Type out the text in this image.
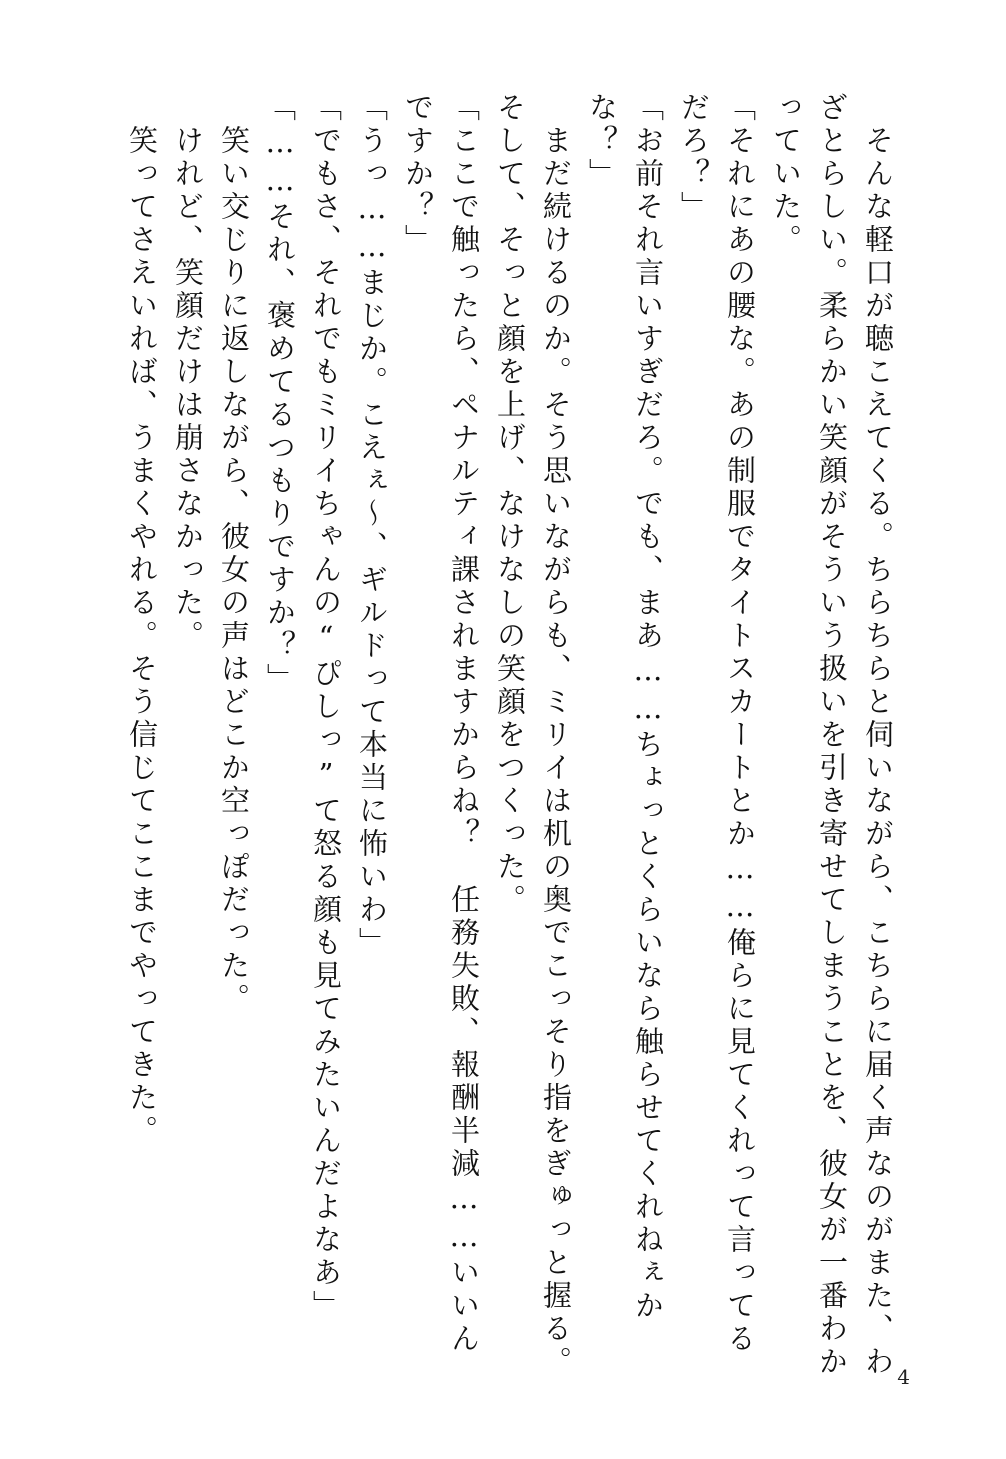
　そんな軽口が聴こえてくる。ちらちらと伺いながら、こちらに届く声なのがまた、わざとらしい。柔らかい笑顔がそういう扱いを引き寄せてしまうことを、彼女が一番わかっていた。

「それにあの腰な。あの制服でタイトスカートとか……俺らに見てくれって言ってるだろ？」

「お前それ言いすぎだろ。でも、まあ……ちょっとくらいなら触らせてくれねぇかな？」

　まだ続けるのか。そう思いながらも、ミリイは机の奥でこっそり指をぎゅっと握る。そして、そっと顔を上げ、なけなしの笑顔をつくった。

「ここで触ったら、ペナルティ課されますからね？　任務失敗、報酬半減……いいんですか？」

「うっ……まじか。こえぇ〜、ギルドって本当に怖いわ」

「でもさ、それでもミリイちゃんの“ぴしっ”て怒る顔も見てみたいんだよなあ」

「……それ、褒めてるつもりですか？」

　笑い交じりに返しながら、彼女の声はどこか空っぽだった。

　けれど、笑顔だけは崩さなかった。

　笑ってさえいれば、うまくやれる。そう信じてここまでやってきた。

4
